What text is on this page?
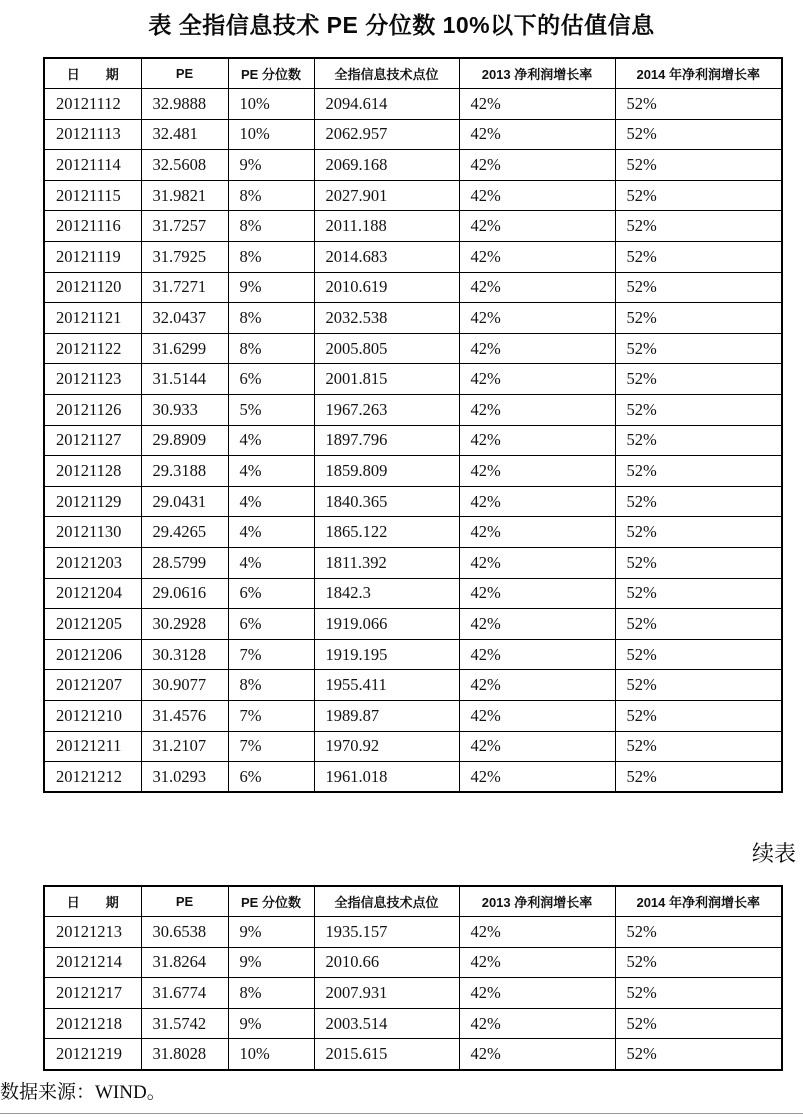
表 全指信息技术 PE 分位数 10%以下的估值信息
日　　期	PE	PE 分位数	全指信息技术点位	2013 净利润增长率	2014 年净利润增长率
20121112	32.9888	10%	2094.614	42%	52%
20121113	32.481	10%	2062.957	42%	52%
20121114	32.5608	9%	2069.168	42%	52%
20121115	31.9821	8%	2027.901	42%	52%
20121116	31.7257	8%	2011.188	42%	52%
20121119	31.7925	8%	2014.683	42%	52%
20121120	31.7271	9%	2010.619	42%	52%
20121121	32.0437	8%	2032.538	42%	52%
20121122	31.6299	8%	2005.805	42%	52%
20121123	31.5144	6%	2001.815	42%	52%
20121126	30.933	5%	1967.263	42%	52%
20121127	29.8909	4%	1897.796	42%	52%
20121128	29.3188	4%	1859.809	42%	52%
20121129	29.0431	4%	1840.365	42%	52%
20121130	29.4265	4%	1865.122	42%	52%
20121203	28.5799	4%	1811.392	42%	52%
20121204	29.0616	6%	1842.3	42%	52%
20121205	30.2928	6%	1919.066	42%	52%
20121206	30.3128	7%	1919.195	42%	52%
20121207	30.9077	8%	1955.411	42%	52%
20121210	31.4576	7%	1989.87	42%	52%
20121211	31.2107	7%	1970.92	42%	52%
20121212	31.0293	6%	1961.018	42%	52%
续表
日　　期	PE	PE 分位数	全指信息技术点位	2013 净利润增长率	2014 年净利润增长率
20121213	30.6538	9%	1935.157	42%	52%
20121214	31.8264	9%	2010.66	42%	52%
20121217	31.6774	8%	2007.931	42%	52%
20121218	31.5742	9%	2003.514	42%	52%
20121219	31.8028	10%	2015.615	42%	52%
数据来源：WIND。
